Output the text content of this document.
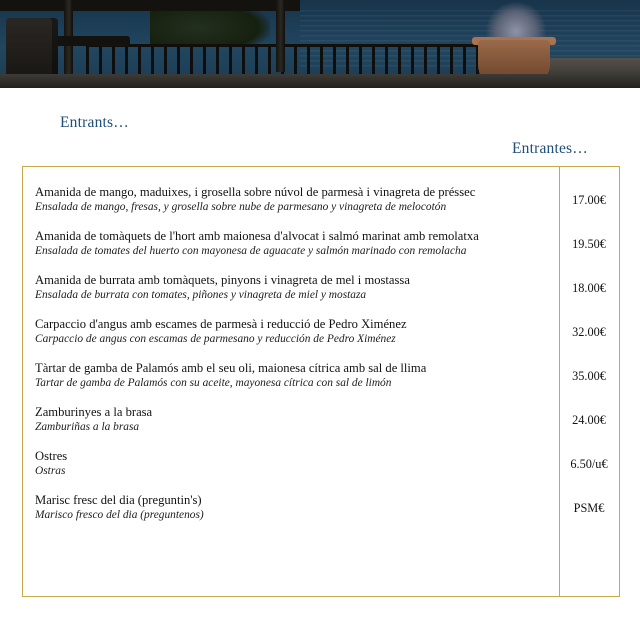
Entrants…
Entrantes…
Amanida de mango, maduixes, i grosella sobre núvol de parmesà i vinagreta de préssec
Ensalada de mango, fresas, y grosella sobre nube de parmesano y vinagreta de melocotón
17.00€
Amanida de tomàquets de l'hort amb maionesa d'alvocat i salmó marinat amb remolatxa
Ensalada de tomates del huerto con mayonesa de aguacate y salmón marinado con remolacha
19.50€
Amanida de burrata amb tomàquets, pinyons i vinagreta de mel i mostassa
Ensalada de burrata con tomates, piñones y vinagreta de miel y mostaza
18.00€
Carpaccio d'angus amb escames de parmesà i reducció de Pedro Ximénez
Carpaccio de angus con escamas de parmesano y reducción de Pedro Ximénez
32.00€
Tàrtar de gamba de Palamós amb el seu oli, maionesa cítrica amb sal de llima
Tartar de gamba de Palamós con su aceite, mayonesa cítrica con sal de limón
35.00€
Zamburinyes a la brasa
Zamburiñas a la brasa
24.00€
Ostres
Ostras
6.50/u€
Marisc fresc del dia (preguntin's)
Marisco fresco del dia (preguntenos)
PSM€
